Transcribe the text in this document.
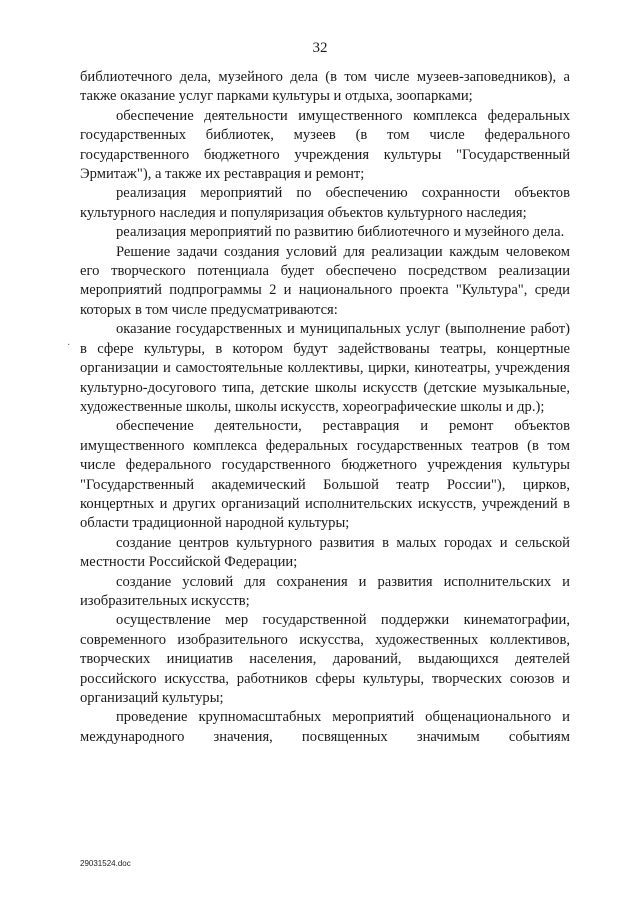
32
·

библиотечного дела, музейного дела (в том числе музеев-заповедников), а также оказание услуг парками культуры и отдыха, зоопарками;

обеспечение деятельности имущественного комплекса федеральных государственных библиотек, музеев (в том числе федерального государственного бюджетного учреждения культуры "Государственный Эрмитаж"), а также их реставрация и ремонт;

реализация мероприятий по обеспечению сохранности объектов культурного наследия и популяризация объектов культурного наследия;

реализация мероприятий по развитию библиотечного и музейного дела.

Решение задачи создания условий для реализации каждым человеком его творческого потенциала будет обеспечено посредством реализации мероприятий подпрограммы 2 и национального проекта "Культура", среди которых в том числе предусматриваются:

оказание государственных и муниципальных услуг (выполнение работ) в сфере культуры, в котором будут задействованы театры, концертные организации и самостоятельные коллективы, цирки, кинотеатры, учреждения культурно-досугового типа, детские школы искусств (детские музыкальные, художественные школы, школы искусств, хореографические школы и др.);

обеспечение деятельности, реставрация и ремонт объектов имущественного комплекса федеральных государственных театров (в том числе федерального государственного бюджетного учреждения культуры "Государственный академический Большой театр России"), цирков, концертных и других организаций исполнительских искусств, учреждений в области традиционной народной культуры;

создание центров культурного развития в малых городах и сельской местности Российской Федерации;

создание условий для сохранения и развития исполнительских и изобразительных искусств;

осуществление мер государственной поддержки кинематографии, современного изобразительного искусства, художественных коллективов, творческих инициатив населения, дарований, выдающихся деятелей российского искусства, работников сферы культуры, творческих союзов и организаций культуры;

проведение крупномасштабных мероприятий общенационального и международного значения, посвященных значимым событиям

29031524.doc
